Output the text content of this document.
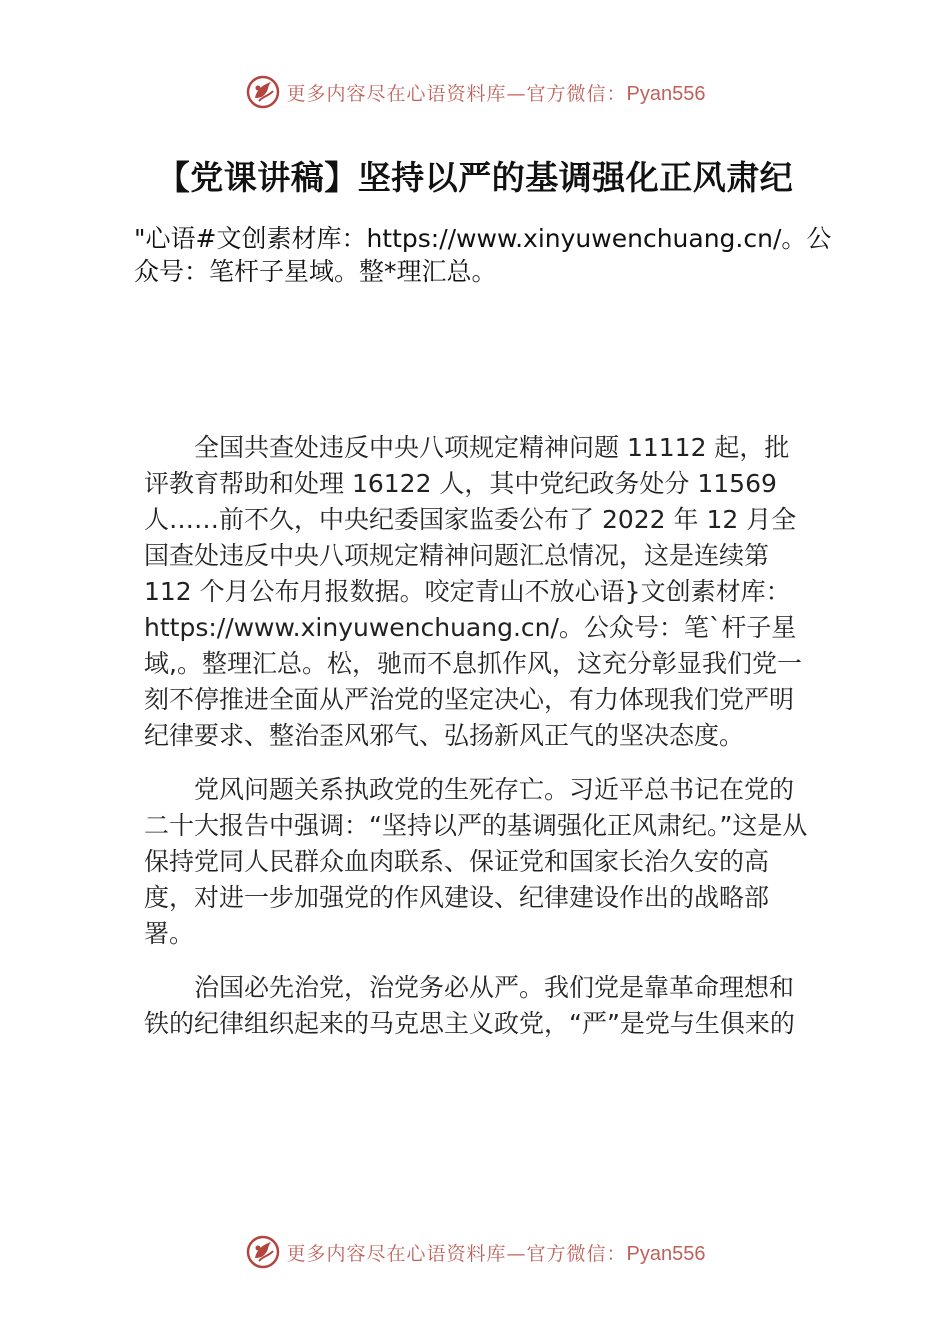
更多内容尽在心语资料库—官方微信：Pyan556
【党课讲稿】坚持以严的基调强化正风肃纪
"心语#文创素材库：https://www.xinyuwenchuang.cn/。公众号：笔杆子星域。整*理汇总。

全国共查处违反中央八项规定精神问题 11112 起，批评教育帮助和处理 16122 人，其中党纪政务处分 11569 人……前不久，中央纪委国家监委公布了 2022 年 12 月全国查处违反中央八项规定精神问题汇总情况，这是连续第 112 个月公布月报数据。咬定青山不放心语}文创素材库：https://www.xinyuwenchuang.cn/。公众号：笔`杆子星域,。整理汇总。松，驰而不息抓作风，这充分彰显我们党一刻不停推进全面从严治党的坚定决心，有力体现我们党严明纪律要求、整治歪风邪气、弘扬新风正气的坚决态度。

党风问题关系执政党的生死存亡。习近平总书记在党的二十大报告中强调：“坚持以严的基调强化正风肃纪。”这是从保持党同人民群众血肉联系、保证党和国家长治久安的高度，对进一步加强党的作风建设、纪律建设作出的战略部署。

治国必先治党，治党务必从严。我们党是靠革命理想和铁的纪律组织起来的马克思主义政党，“严”是党与生俱来的

更多内容尽在心语资料库—官方微信：Pyan556
